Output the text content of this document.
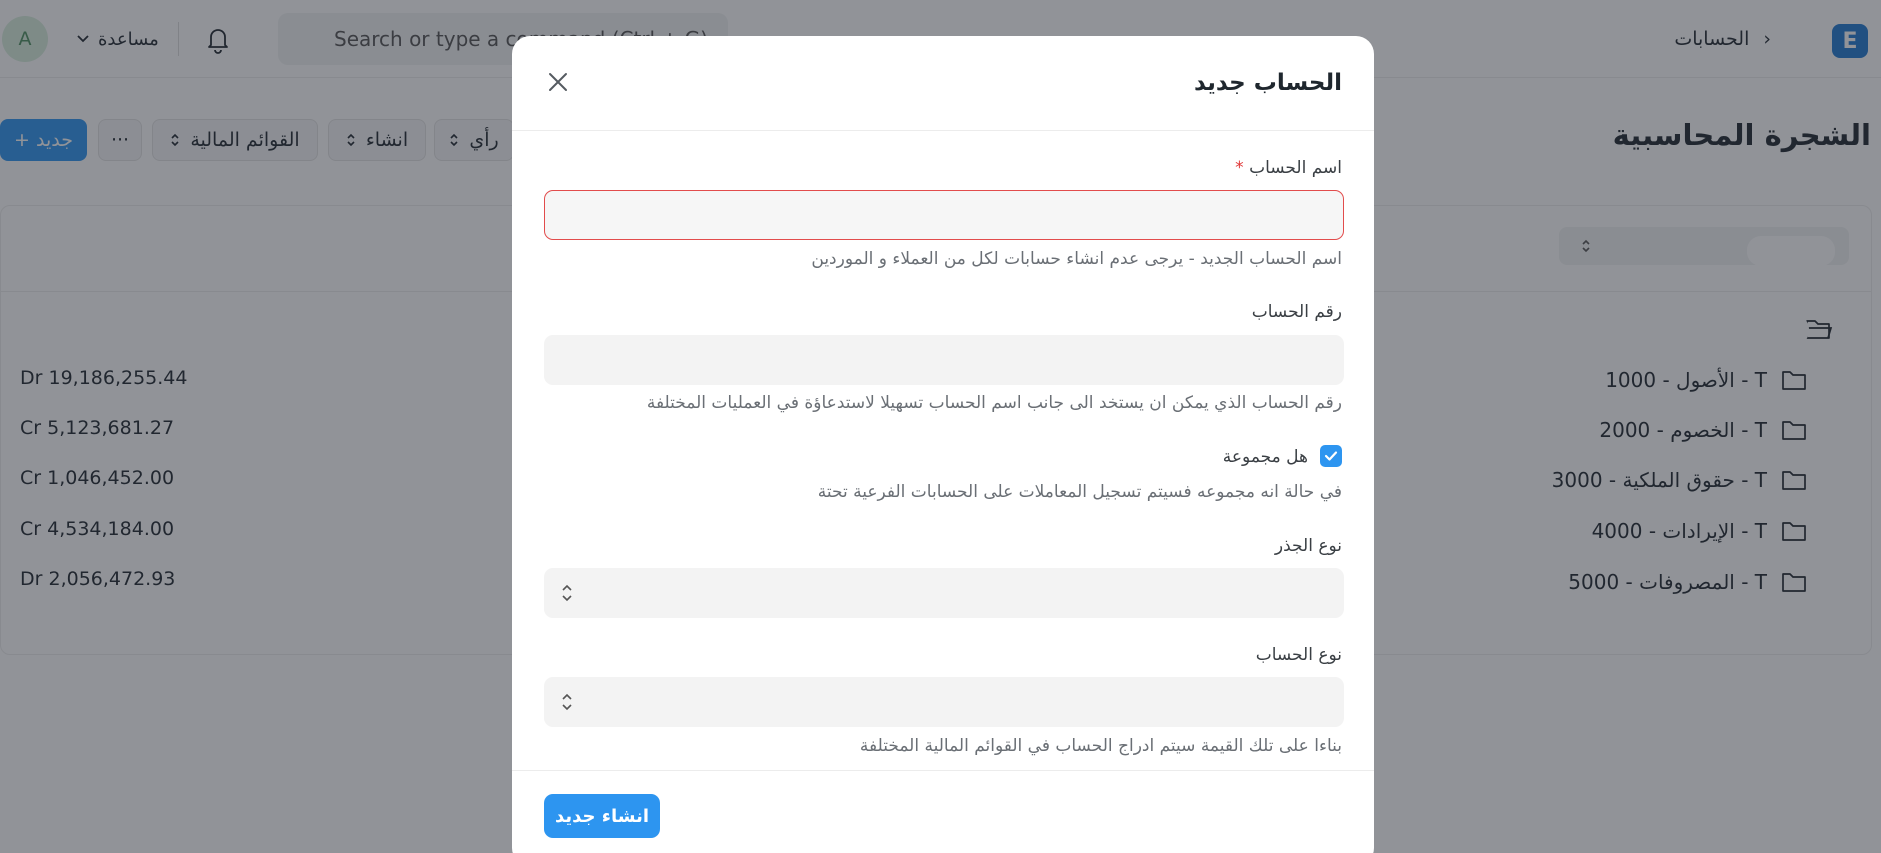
الحساب جديد
* اسم الحساب
اسم الحساب الجديد - يرجى عدم انشاء حسابات لكل من العملاء و الموردين
رقم الحساب
رقم الحساب الذي يمكن ان يستخد الى جانب اسم الحساب تسهيلا لاستدعاؤة في العمليات المختلفة
هل مجموعة
في حالة انه مجموعه فسيتم تسجيل المعاملات على الحسابات الفرعية تحتة
نوع الجذر
نوع الحساب
بناءا على تلك القيمة سيتم ادراج الحساب في القوائم المالية المختلفة
انشاء جديد
